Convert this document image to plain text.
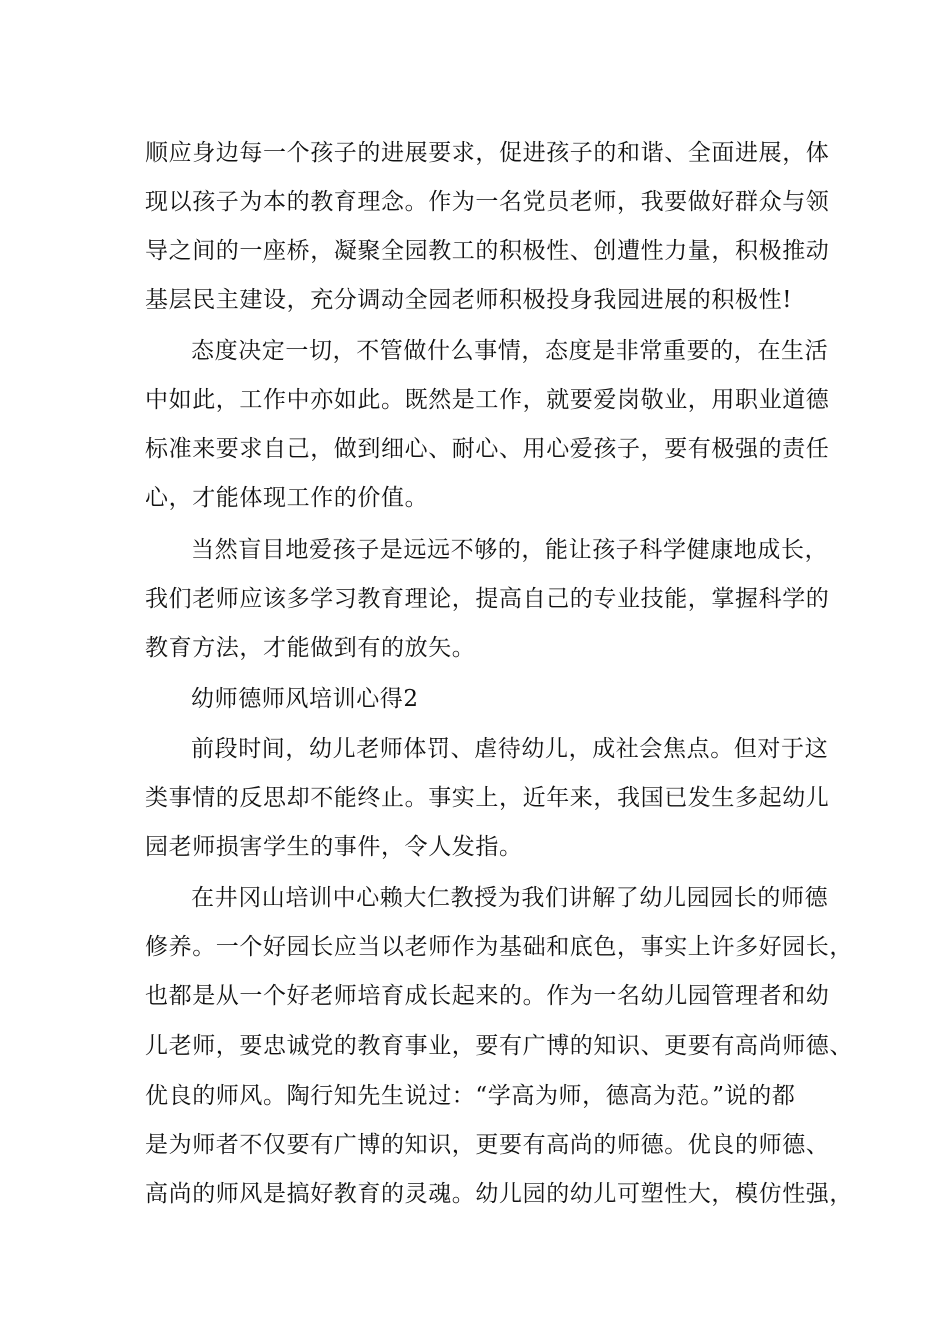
顺应身边每一个孩子的进展要求，促进孩子的和谐、全面进展，体
现以孩子为本的教育理念。作为一名党员老师，我要做好群众与领
导之间的一座桥，凝聚全园教工的积极性、创遭性力量，积极推动
基层民主建设，充分调动全园老师积极投身我园进展的积极性!
态度决定一切，不管做什么事情，态度是非常重要的，在生活
中如此，工作中亦如此。既然是工作，就要爱岗敬业，用职业道德
标准来要求自己，做到细心、耐心、用心爱孩子，要有极强的责任
心，才能体现工作的价值。
当然盲目地爱孩子是远远不够的，能让孩子科学健康地成长，
我们老师应该多学习教育理论，提高自己的专业技能，掌握科学的
教育方法，才能做到有的放矢。
幼师德师风培训心得2
前段时间，幼儿老师体罚、虐待幼儿，成社会焦点。但对于这
类事情的反思却不能终止。事实上，近年来，我国已发生多起幼儿
园老师损害学生的事件，令人发指。
在井冈山培训中心赖大仁教授为我们讲解了幼儿园园长的师德
修养。一个好园长应当以老师作为基础和底色，事实上许多好园长，
也都是从一个好老师培育成长起来的。作为一名幼儿园管理者和幼
儿老师，要忠诚党的教育事业，要有广博的知识、更要有高尚师德、
优良的师风。陶行知先生说过：“学高为师，德高为范。”说的都
是为师者不仅要有广博的知识，更要有高尚的师德。优良的师德、
高尚的师风是搞好教育的灵魂。幼儿园的幼儿可塑性大，模仿性强，
